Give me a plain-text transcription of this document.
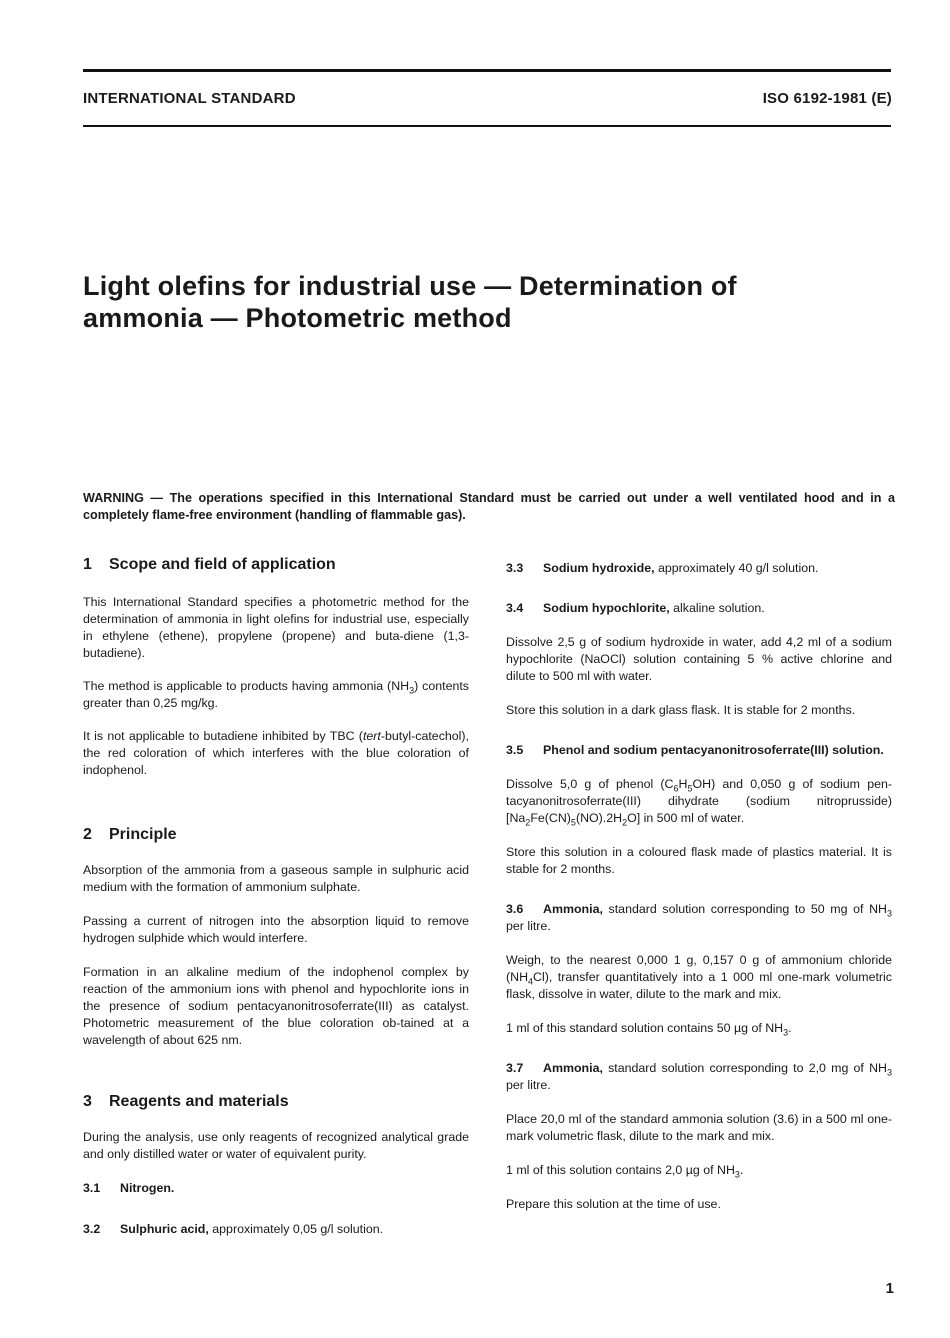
INTERNATIONAL STANDARD	ISO 6192-1981 (E)
Light olefins for industrial use — Determination of
ammonia — Photometric method
WARNING — The operations specified in this International Standard must be carried out under a well ventilated hood and in a completely flame-free environment (handling of flammable gas).
1 Scope and field of application

This International Standard specifies a photometric method for the determination of ammonia in light olefins for industrial use, especially in ethylene (ethene), propylene (propene) and buta-diene (1,3-butadiene).

The method is applicable to products having ammonia $(NH_3)$ contents greater than 0,25 mg/kg.

It is not applicable to butadiene inhibited by TBC (tert-butyl-catechol), the red coloration of which interferes with the blue coloration of indophenol.

2 Principle

Absorption of the ammonia from a gaseous sample in sulphuric acid medium with the formation of ammonium sulphate.

Passing a current of nitrogen into the absorption liquid to remove hydrogen sulphide which would interfere.

Formation in an alkaline medium of the indophenol complex by reaction of the ammonium ions with phenol and hypochlorite ions in the presence of sodium pentacyanonitrosoferrate(III) as catalyst. Photometric measurement of the blue coloration ob-tained at a wavelength of about 625 nm.

3 Reagents and materials

During the analysis, use only reagents of recognized analytical grade and only distilled water or water of equivalent purity.

3.1 Nitrogen.

3.2 Sulphuric acid, approximately 0,05 g/l solution.

3.3 Sodium hydroxide, approximately 40 g/l solution.

3.4 Sodium hypochlorite, alkaline solution.

Dissolve 2,5 g of sodium hydroxide in water, add 4,2 ml of a sodium hypochlorite (NaOCl) solution containing 5 % active chlorine and dilute to 500 ml with water.

Store this solution in a dark glass flask. It is stable for 2 months.

3.5 Phenol and sodium pentacyanonitrosoferrate(III) solution.

Dissolve 5,0 g of phenol $(C_6H_5OH)$ and 0,050 g of sodium pen-tacyanonitrosoferrate(III) dihydrate (sodium nitroprusside) $[Na_2Fe(CN)_5(NO).2H_2O]$ in 500 ml of water.

Store this solution in a coloured flask made of plastics material. It is stable for 2 months.

3.6 Ammonia, standard solution corresponding to 50 mg of $NH_3$ per litre.

Weigh, to the nearest 0,000 1 g, 0,157 0 g of ammonium chloride $(NH_4Cl)$, transfer quantitatively into a 1 000 ml one-mark volumetric flask, dissolve in water, dilute to the mark and mix.

1 ml of this standard solution contains 50 µg of $NH_3$.

3.7 Ammonia, standard solution corresponding to 2,0 mg of $NH_3$ per litre.

Place 20,0 ml of the standard ammonia solution (3.6) in a 500 ml one-mark volumetric flask, dilute to the mark and mix.

1 ml of this solution contains 2,0 µg of $NH_3$.

Prepare this solution at the time of use.

1
